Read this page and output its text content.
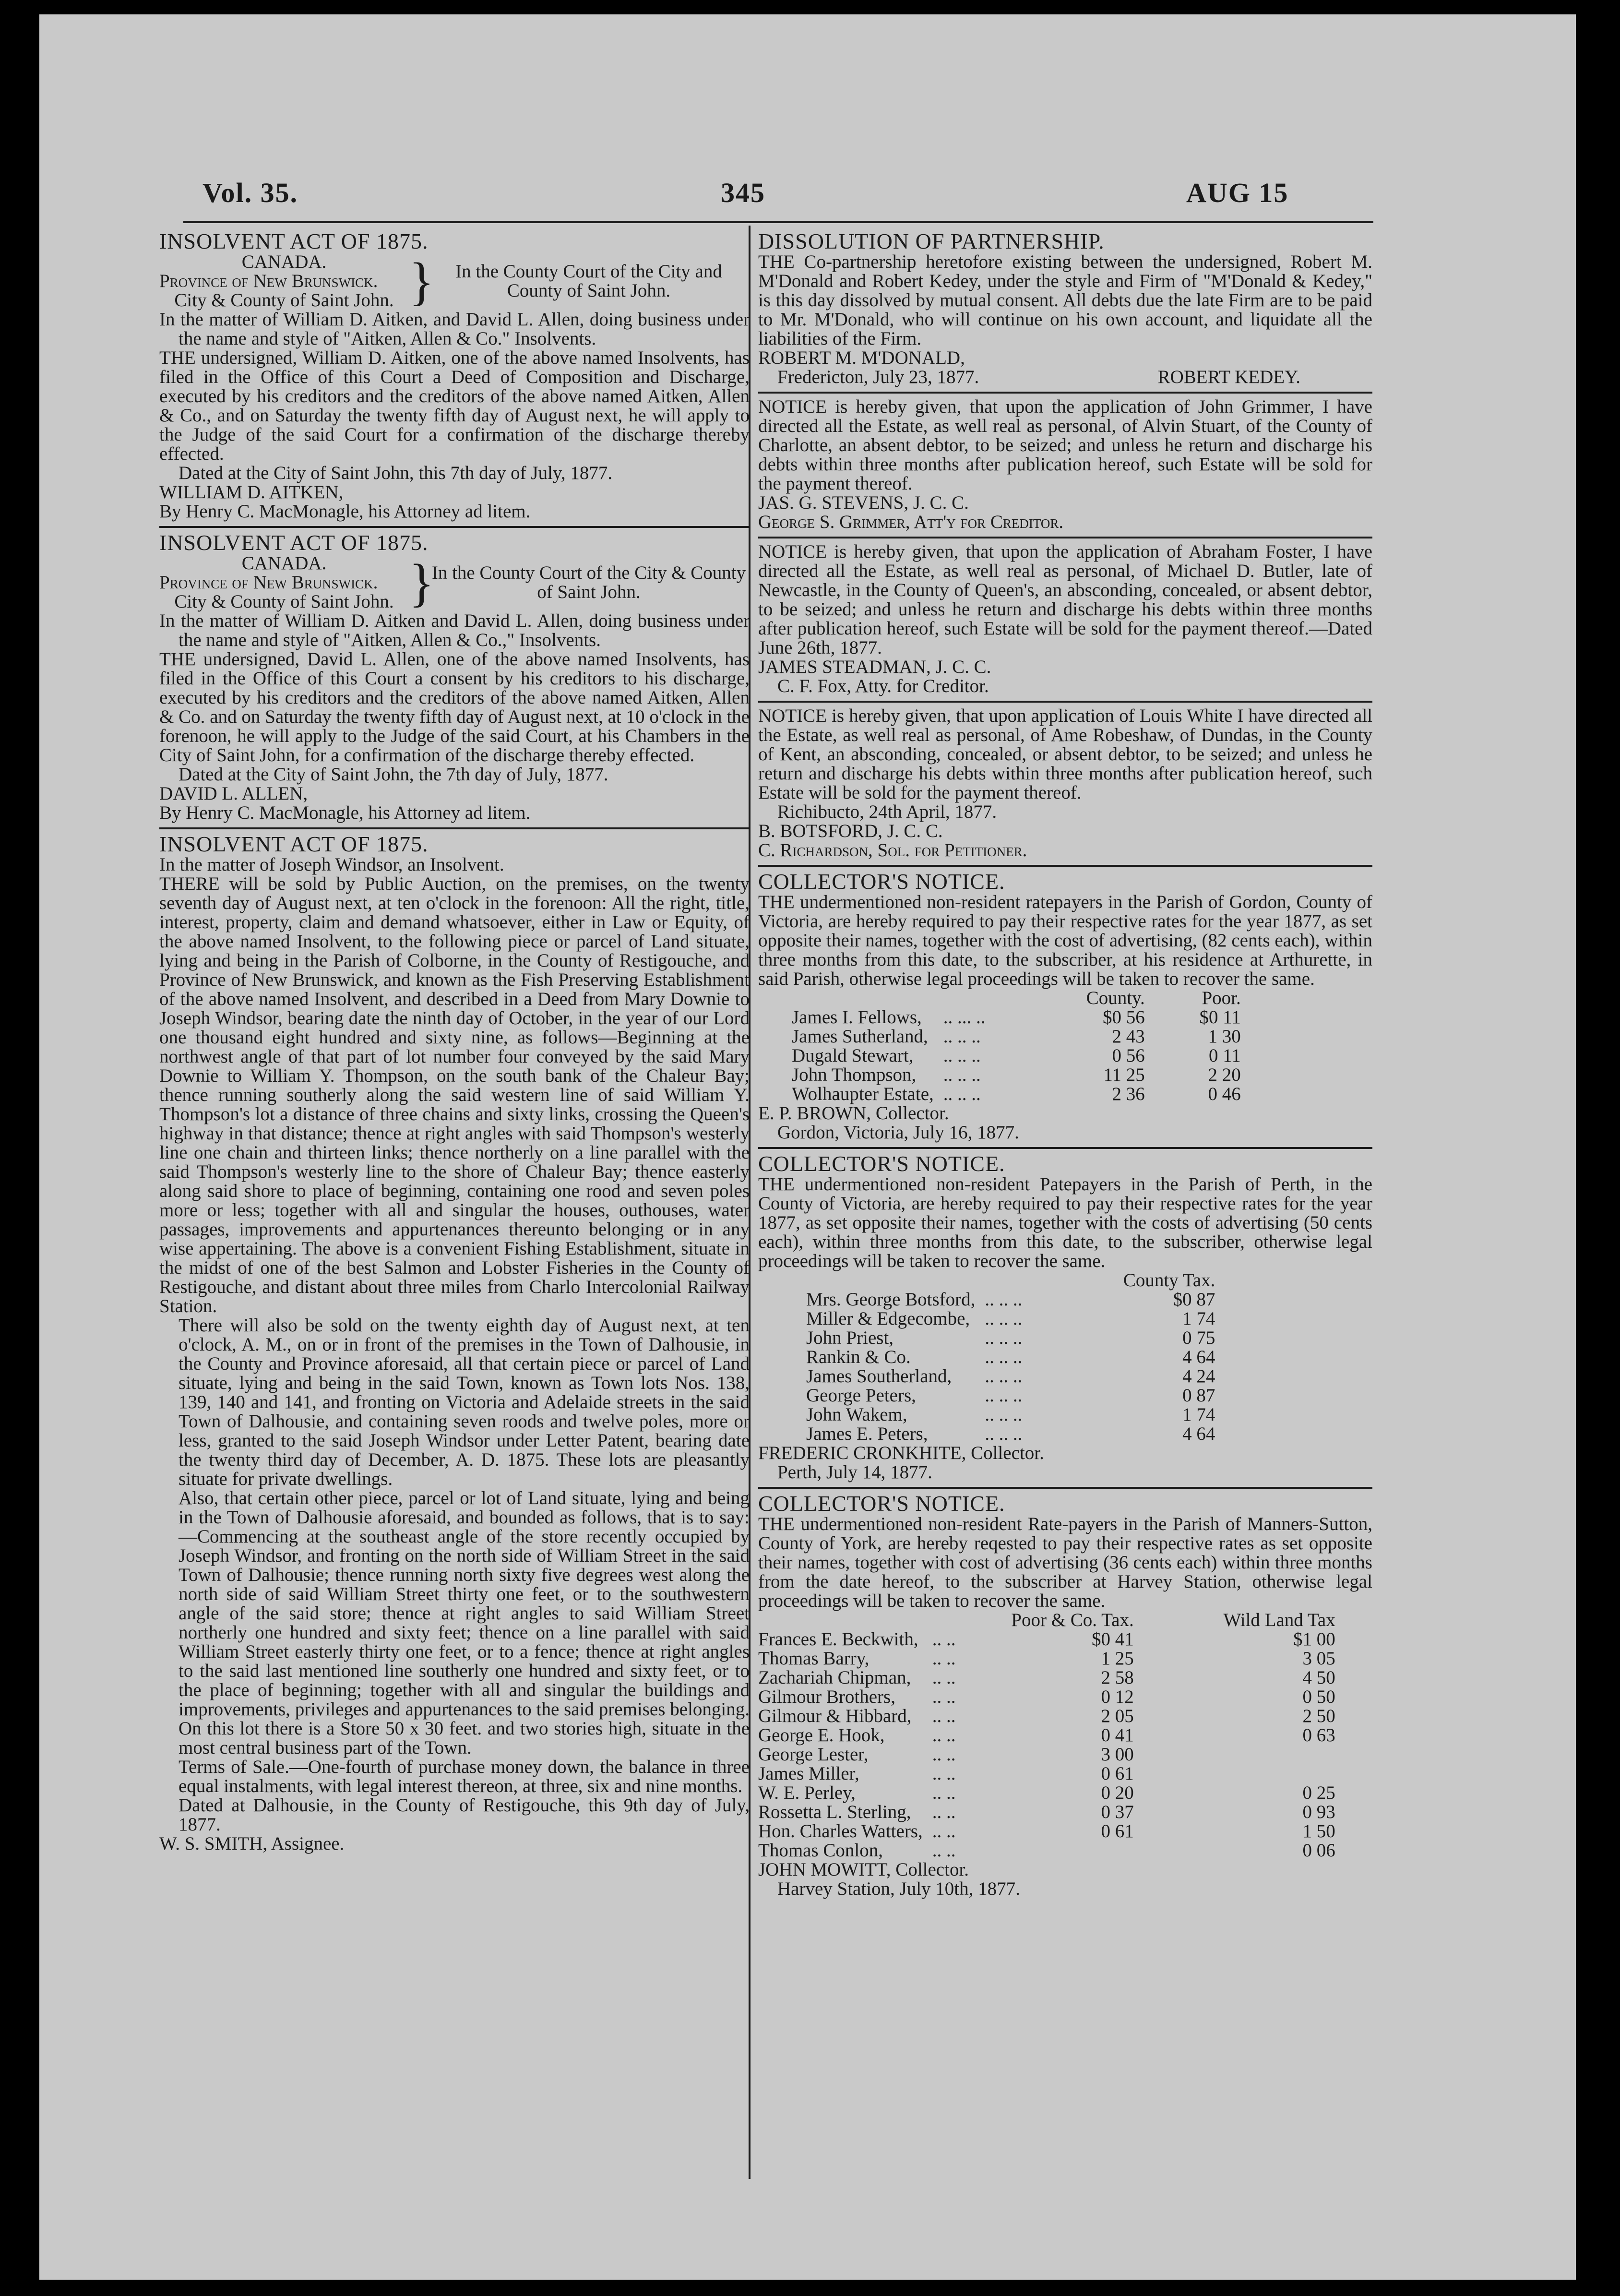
Vol. 35.	345	AUG 15

INSOLVENT ACT OF 1875.

CANADA.
Province of New Brunswick.
City & County of Saint John. }	In the County Court of the City and County of Saint John.

In the matter of William D. Aitken, and David L. Allen, doing business under the name and style of "Aitken, Allen & Co." Insolvents.

THE undersigned, William D. Aitken, one of the above named Insolvents, has filed in the Office of this Court a Deed of Composition and Discharge, executed by his creditors and the creditors of the above named Aitken, Allen & Co., and on Saturday the twenty fifth day of August next, he will apply to the Judge of the said Court for a confirmation of the discharge thereby effected.

Dated at the City of Saint John, this 7th day of July, 1877.

WILLIAM D. AITKEN,

By Henry C. MacMonagle, his Attorney ad litem.

INSOLVENT ACT OF 1875.

CANADA.
Province of New Brunswick.
City & County of Saint John. }
In the County Court of the City & County of Saint John.

In the matter of William D. Aitken and David L. Allen, doing business under the name and style of "Aitken, Allen & Co.," Insolvents.

THE undersigned, David L. Allen, one of the above named Insolvents, has filed in the Office of this Court a consent by his creditors to his discharge, executed by his creditors and the creditors of the above named Aitken, Allen & Co. and on Saturday the twenty fifth day of August next, at 10 o'clock in the forenoon, he will apply to the Judge of the said Court, at his Chambers in the City of Saint John, for a confirmation of the discharge thereby effected.

Dated at the City of Saint John, the 7th day of July, 1877.

DAVID L. ALLEN,

By Henry C. MacMonagle, his Attorney ad litem.

INSOLVENT ACT OF 1875.

In the matter of Joseph Windsor, an Insolvent.

THERE will be sold by Public Auction, on the premises, on the twenty seventh day of August next, at ten o'clock in the forenoon: All the right, title, interest, property, claim and demand whatsoever, either in Law or Equity, of the above named Insolvent, to the following piece or parcel of Land situate, lying and being in the Parish of Colborne, in the County of Restigouche, and Province of New Brunswick, and known as the Fish Preserving Establishment of the above named Insolvent, and described in a Deed from Mary Downie to Joseph Windsor, bearing date the ninth day of October, in the year of our Lord one thousand eight hundred and sixty nine, as follows—Beginning at the northwest angle of that part of lot number four conveyed by the said Mary Downie to William Y. Thompson, on the south bank of the Chaleur Bay; thence running southerly along the said western line of said William Y. Thompson's lot a distance of three chains and sixty links, crossing the Queen's highway in that distance; thence at right angles with said Thompson's westerly line one chain and thirteen links; thence northerly on a line parallel with the said Thompson's westerly line to the shore of Chaleur Bay; thence easterly along said shore to place of beginning, containing one rood and seven poles more or less; together with all and singular the houses, outhouses, water passages, improvements and appurtenances thereunto belonging or in any wise appertaining. The above is a convenient Fishing Establishment, situate in the midst of one of the best Salmon and Lobster Fisheries in the County of Restigouche, and distant about three miles from Charlo Intercolonial Railway Station.

There will also be sold on the twenty eighth day of August next, at ten o'clock, A. M., on or in front of the premises in the Town of Dalhousie, in the County and Province aforesaid, all that certain piece or parcel of Land situate, lying and being in the said Town, known as Town lots Nos. 138, 139, 140 and 141, and fronting on Victoria and Adelaide streets in the said Town of Dalhousie, and containing seven roods and twelve poles, more or less, granted to the said Joseph Windsor under Letter Patent, bearing date the twenty third day of December, A. D. 1875. These lots are pleasantly situate for private dwellings.

Also, that certain other piece, parcel or lot of Land situate, lying and being in the Town of Dalhousie aforesaid, and bounded as follows, that is to say:—Commencing at the southeast angle of the store recently occupied by Joseph Windsor, and fronting on the north side of William Street in the said Town of Dalhousie; thence running north sixty five degrees west along the north side of said William Street thirty one feet, or to the southwestern angle of the said store; thence at right angles to said William Street northerly one hundred and sixty feet; thence on a line parallel with said William Street easterly thirty one feet, or to a fence; thence at right angles to the said last mentioned line southerly one hundred and sixty feet, or to the place of beginning; together with all and singular the buildings and improvements, privileges and appurtenances to the said premises belonging. On this lot there is a Store 50 x 30 feet. and two stories high, situate in the most central business part of the Town.

Terms of Sale.—One-fourth of purchase money down, the balance in three equal instalments, with legal interest thereon, at three, six and nine months.

Dated at Dalhousie, in the County of Restigouche, this 9th day of July, 1877.

W. S. SMITH, Assignee.

DISSOLUTION OF PARTNERSHIP.

THE Co-partnership heretofore existing between the undersigned, Robert M. M'Donald and Robert Kedey, under the style and Firm of "M'Donald & Kedey," is this day dissolved by mutual consent. All debts due the late Firm are to be paid to Mr. M'Donald, who will continue on his own account, and liquidate all the liabilities of the Firm.

ROBERT M. M'DONALD,

Fredericton, July 23, 1877.	ROBERT KEDEY.

NOTICE is hereby given, that upon the application of John Grimmer, I have directed all the Estate, as well real as personal, of Alvin Stuart, of the County of Charlotte, an absent debtor, to be seized; and unless he return and discharge his debts within three months after publication hereof, such Estate will be sold for the payment thereof.

JAS. G. STEVENS, J. C. C.

George S. Grimmer, Att'y for Creditor.

NOTICE is hereby given, that upon the application of Abraham Foster, I have directed all the Estate, as well real as personal, of Michael D. Butler, late of Newcastle, in the County of Queen's, an absconding, concealed, or absent debtor, to be seized; and unless he return and discharge his debts within three months after publication hereof, such Estate will be sold for the payment thereof.—Dated June 26th, 1877.

JAMES STEADMAN, J. C. C.

C. F. Fox, Atty. for Creditor.

NOTICE is hereby given, that upon application of Louis White I have directed all the Estate, as well real as personal, of Ame Robeshaw, of Dundas, in the County of Kent, an absconding, concealed, or absent debtor, to be seized; and unless he return and discharge his debts within three months after publication hereof, such Estate will be sold for the payment thereof.

Richibucto, 24th April, 1877.

B. BOTSFORD, J. C. C.

C. Richardson, Sol. for Petitioner.

COLLECTOR'S NOTICE.

THE undermentioned non-resident ratepayers in the Parish of Gordon, County of Victoria, are hereby required to pay their respective rates for the year 1877, as set opposite their names, together with the cost of advertising, (82 cents each), within three months from this date, to the subscriber, at his residence at Arthurette, in said Parish, otherwise legal proceedings will be taken to recover the same.

		County.	Poor.
James I. Fellows,	.. ... ..	$0 56	$0 11
James Sutherland,	.. .. ..	2 43	1 30
Dugald Stewart,	.. .. ..	0 56	0 11
John Thompson,	.. .. ..	11 25	2 20
Wolhaupter Estate,	.. .. ..	2 36	0 46

E. P. BROWN, Collector.

Gordon, Victoria, July 16, 1877.

COLLECTOR'S NOTICE.

THE undermentioned non-resident Patepayers in the Parish of Perth, in the County of Victoria, are hereby required to pay their respective rates for the year 1877, as set opposite their names, together with the costs of advertising (50 cents each), within three months from this date, to the subscriber, otherwise legal proceedings will be taken to recover the same.

		County Tax.
Mrs. George Botsford,	.. .. ..	$0 87
Miller & Edgecombe,	.. .. ..	1 74
John Priest,	.. .. ..	0 75
Rankin & Co.	.. .. ..	4 64
James Southerland,	.. .. ..	4 24
George Peters,	.. .. ..	0 87
John Wakem,	.. .. ..	1 74
James E. Peters,	.. .. ..	4 64

FREDERIC CRONKHITE, Collector.

Perth, July 14, 1877.

COLLECTOR'S NOTICE.

THE undermentioned non-resident Rate-payers in the Parish of Manners-Sutton, County of York, are hereby reqested to pay their respective rates as set opposite their names, together with cost of advertising (36 cents each) within three months from the date hereof, to the subscriber at Harvey Station, otherwise legal proceedings will be taken to recover the same.

		Poor & Co. Tax.	Wild Land Tax
Frances E. Beckwith,	.. ..	$0 41	$1 00
Thomas Barry,	.. ..	1 25	3 05
Zachariah Chipman,	.. ..	2 58	4 50
Gilmour Brothers,	.. ..	0 12	0 50
Gilmour & Hibbard,	.. ..	2 05	2 50
George E. Hook,	.. ..	0 41	0 63
George Lester,	.. ..	3 00	
James Miller,	.. ..	0 61	
W. E. Perley,	.. ..	0 20	0 25
Rossetta L. Sterling,	.. ..	0 37	0 93
Hon. Charles Watters,	.. ..	0 61	1 50
Thomas Conlon,	.. ..		0 06

JOHN MOWITT, Collector.

Harvey Station, July 10th, 1877.
